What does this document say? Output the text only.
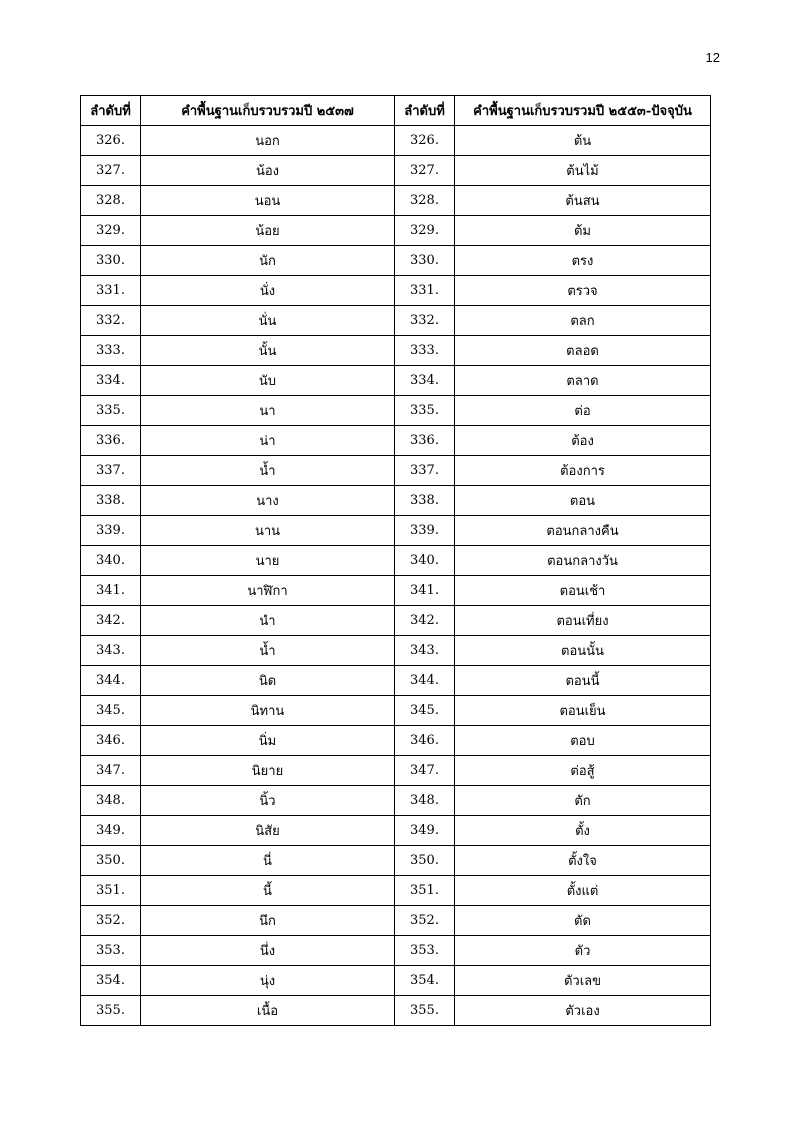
12
ลำดับที่	คำพื้นฐานเก็บรวบรวมปี ๒๕๓๗	ลำดับที่	คำพื้นฐานเก็บรวบรวมปี ๒๕๕๓-ปัจจุบัน
326.	นอก	326.	ต้น
327.	น้อง	327.	ต้นไม้
328.	นอน	328.	ต้นสน
329.	น้อย	329.	ต้ม
330.	นัก	330.	ตรง
331.	นั่ง	331.	ตรวจ
332.	นั่น	332.	ตลก
333.	นั้น	333.	ตลอด
334.	นับ	334.	ตลาด
335.	นา	335.	ต่อ
336.	น่า	336.	ต้อง
337.	น้ำ	337.	ต้องการ
338.	นาง	338.	ตอน
339.	นาน	339.	ตอนกลางคืน
340.	นาย	340.	ตอนกลางวัน
341.	นาฬิกา	341.	ตอนเช้า
342.	นำ	342.	ตอนเที่ยง
343.	น้ำ	343.	ตอนนั้น
344.	นิด	344.	ตอนนี้
345.	นิทาน	345.	ตอนเย็น
346.	นิ่ม	346.	ตอบ
347.	นิยาย	347.	ต่อสู้
348.	นิ้ว	348.	ตัก
349.	นิสัย	349.	ตั้ง
350.	นี่	350.	ตั้งใจ
351.	นี้	351.	ตั้งแต่
352.	นึก	352.	ตัด
353.	นึ่ง	353.	ตัว
354.	นุ่ง	354.	ตัวเลข
355.	เนื้อ	355.	ตัวเอง
